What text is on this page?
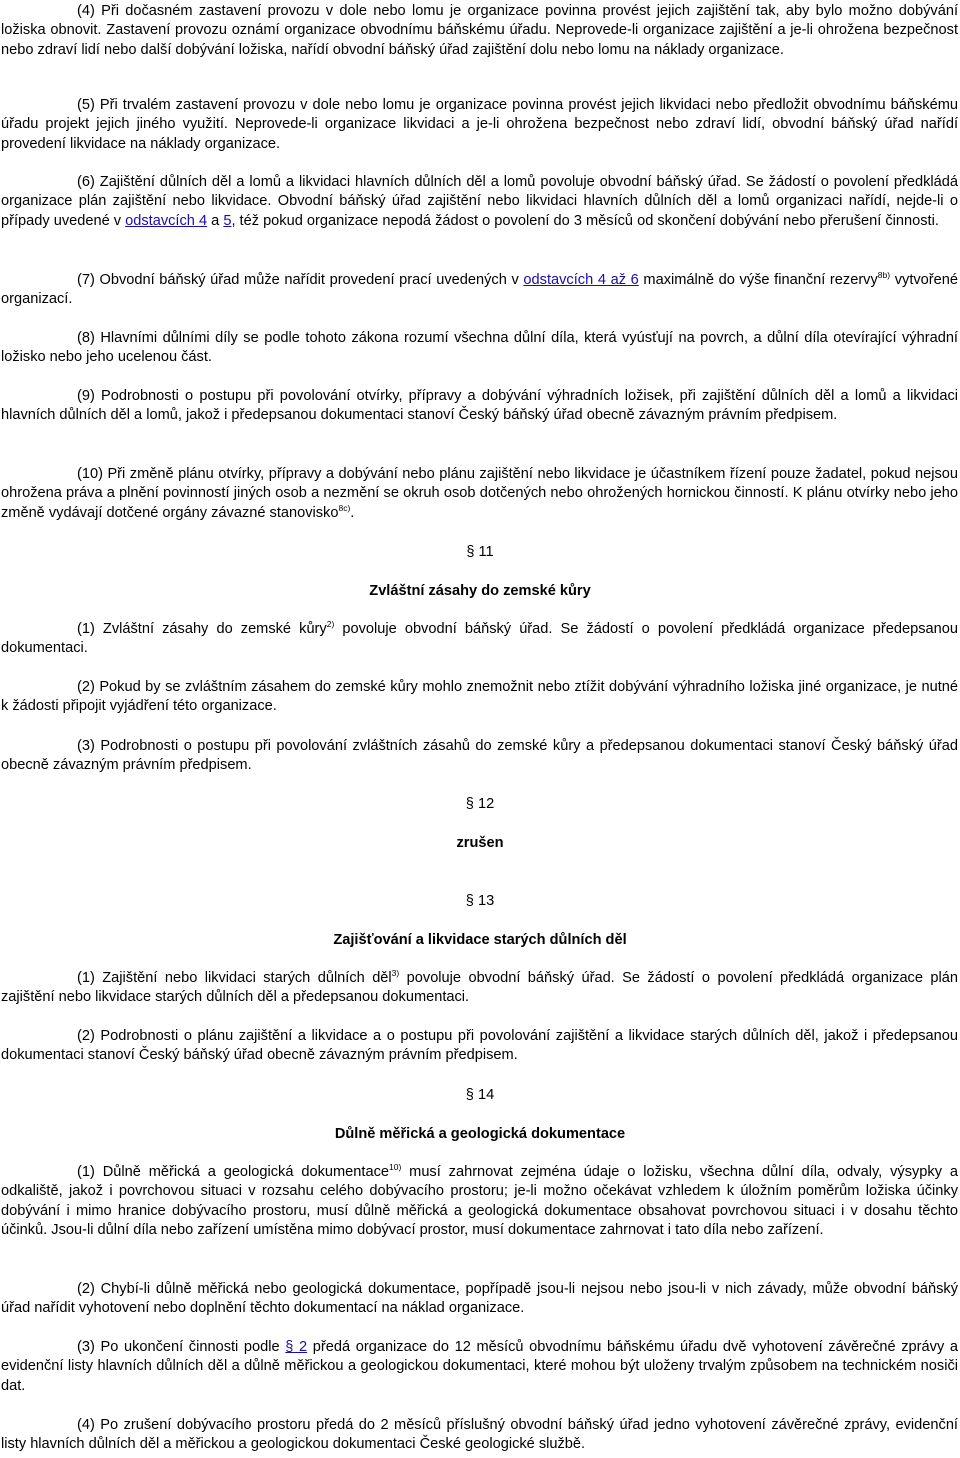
(4) Při dočasném zastavení provozu v dole nebo lomu je organizace povinna provést jejich zajištění tak, aby bylo možno dobývání ložiska obnovit. Zastavení provozu oznámí organizace obvodnímu báňskému úřadu. Neprovede-li organizace zajištění a je-li ohrožena bezpečnost nebo zdraví lidí nebo další dobývání ložiska, nařídí obvodní báňský úřad zajištění dolu nebo lomu na náklady organizace.

(5) Při trvalém zastavení provozu v dole nebo lomu je organizace povinna provést jejich likvidaci nebo předložit obvodnímu báňskému úřadu projekt jejich jiného využití. Neprovede-li organizace likvidaci a je-li ohrožena bezpečnost nebo zdraví lidí, obvodní báňský úřad nařídí provedení likvidace na náklady organizace.

(6) Zajištění důlních děl a lomů a likvidaci hlavních důlních děl a lomů povoluje obvodní báňský úřad. Se žádostí o povolení předkládá organizace plán zajištění nebo likvidace. Obvodní báňský úřad zajištění nebo likvidaci hlavních důlních děl a lomů organizaci nařídí, nejde-li o případy uvedené v odstavcích 4 a 5, též pokud organizace nepodá žádost o povolení do 3 měsíců od skončení dobývání nebo přerušení činnosti.

(7) Obvodní báňský úřad může nařídit provedení prací uvedených v odstavcích 4 až 6 maximálně do výše finanční rezervy$^{8b)}$ vytvořené organizací.

(8) Hlavními důlními díly se podle tohoto zákona rozumí všechna důlní díla, která vyúsťují na povrch, a důlní díla otevírající výhradní ložisko nebo jeho ucelenou část.

(9) Podrobnosti o postupu při povolování otvírky, přípravy a dobývání výhradních ložisek, při zajištění důlních děl a lomů a likvidaci hlavních důlních děl a lomů, jakož i předepsanou dokumentaci stanoví Český báňský úřad obecně závazným právním předpisem.

(10) Při změně plánu otvírky, přípravy a dobývání nebo plánu zajištění nebo likvidace je účastníkem řízení pouze žadatel, pokud nejsou ohrožena práva a plnění povinností jiných osob a nezmění se okruh osob dotčených nebo ohrožených hornickou činností. K plánu otvírky nebo jeho změně vydávají dotčené orgány závazné stanovisko$^{8c)}$.

§ 11

Zvláštní zásahy do zemské kůry

(1) Zvláštní zásahy do zemské kůry$^{2)}$ povoluje obvodní báňský úřad. Se žádostí o povolení předkládá organizace předepsanou dokumentaci.

(2) Pokud by se zvláštním zásahem do zemské kůry mohlo znemožnit nebo ztížit dobývání výhradního ložiska jiné organizace, je nutné k žádosti připojit vyjádření této organizace.

(3) Podrobnosti o postupu při povolování zvláštních zásahů do zemské kůry a předepsanou dokumentaci stanoví Český báňský úřad obecně závazným právním předpisem.

§ 12

zrušen

§ 13

Zajišťování a likvidace starých důlních děl

(1) Zajištění nebo likvidaci starých důlních děl$^{3)}$ povoluje obvodní báňský úřad. Se žádostí o povolení předkládá organizace plán zajištění nebo likvidace starých důlních děl a předepsanou dokumentaci.

(2) Podrobnosti o plánu zajištění a likvidace a o postupu při povolování zajištění a likvidace starých důlních děl, jakož i předepsanou dokumentaci stanoví Český báňský úřad obecně závazným právním předpisem.

§ 14

Důlně měřická a geologická dokumentace

(1) Důlně měřická a geologická dokumentace$^{10)}$ musí zahrnovat zejména údaje o ložisku, všechna důlní díla, odvaly, výsypky a odkaliště, jakož i povrchovou situaci v rozsahu celého dobývacího prostoru; je-li možno očekávat vzhledem k úložním poměrům ložiska účinky dobývání i mimo hranice dobývacího prostoru, musí důlně měřická a geologická dokumentace obsahovat povrchovou situaci i v dosahu těchto účinků. Jsou-li důlní díla nebo zařízení umístěna mimo dobývací prostor, musí dokumentace zahrnovat i tato díla nebo zařízení.

(2) Chybí-li důlně měřická nebo geologická dokumentace, popřípadě jsou-li nejsou nebo jsou-li v nich závady, může obvodní báňský úřad nařídit vyhotovení nebo doplnění těchto dokumentací na náklad organizace.

(3) Po ukončení činnosti podle § 2 předá organizace do 12 měsíců obvodnímu báňskému úřadu dvě vyhotovení závěrečné zprávy a evidenční listy hlavních důlních děl a důlně měřickou a geologickou dokumentaci, které mohou být uloženy trvalým způsobem na technickém nosiči dat.

(4) Po zrušení dobývacího prostoru předá do 2 měsíců příslušný obvodní báňský úřad jedno vyhotovení závěrečné zprávy, evidenční listy hlavních důlních děl a měřickou a geologickou dokumentaci České geologické službě.
